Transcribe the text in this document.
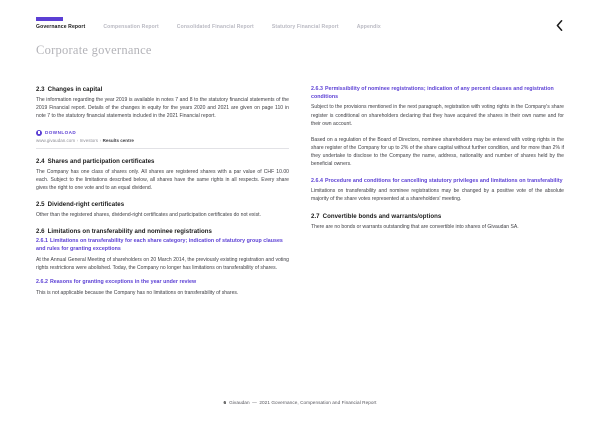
Governance Report	Compensation Report	Consolidated Financial Report	Statutory Financial Report	Appendix
Corporate governance
2.3 Changes in capital

The information regarding the year 2019 is available in notes 7 and 8 to the statutory financial statements of the 2019 Financial report. Details of the changes in equity for the years 2020 and 2021 are given on page 110 in note 7 to the statutory financial statements included in the 2021 Financial report.

DOWNLOAD
www.givaudan.com › Investors › Results centre
2.4 Shares and participation certificates

The Company has one class of shares only. All shares are registered shares with a par value of CHF 10.00 each. Subject to the limitations described below, all shares have the same rights in all respects. Every share gives the right to one vote and to an equal dividend.

2.5 Dividend-right certificates

Other than the registered shares, dividend-right certificates and participation certificates do not exist.

2.6 Limitations on transferability and nominee registrations
2.6.1 Limitations on transferability for each share category; indication of statutory group clauses and rules for granting exceptions

At the Annual General Meeting of shareholders on 20 March 2014, the previously existing registration and voting rights restrictions were abolished. Today, the Company no longer has limitations on transferability of shares.

2.6.2 Reasons for granting exceptions in the year under review

This is not applicable because the Company has no limitations on transferability of shares.

2.6.3 Permissibility of nominee registrations; indication of any percent clauses and registration conditions

Subject to the provisions mentioned in the next paragraph, registration with voting rights in the Company's share register is conditional on shareholders declaring that they have acquired the shares in their own name and for their own account.

Based on a regulation of the Board of Directors, nominee shareholders may be entered with voting rights in the share register of the Company for up to 2% of the share capital without further condition, and for more than 2% if they undertake to disclose to the Company the name, address, nationality and number of shares held by the beneficial owners.

2.6.4 Procedure and conditions for cancelling statutory privileges and limitations on transferability

Limitations on transferability and nominee registrations may be changed by a positive vote of the absolute majority of the share votes represented at a shareholders' meeting.

2.7 Convertible bonds and warrants/options

There are no bonds or warrants outstanding that are convertible into shares of Givaudan SA.

6 Givaudan — 2021 Governance, Compensation and Financial Report
